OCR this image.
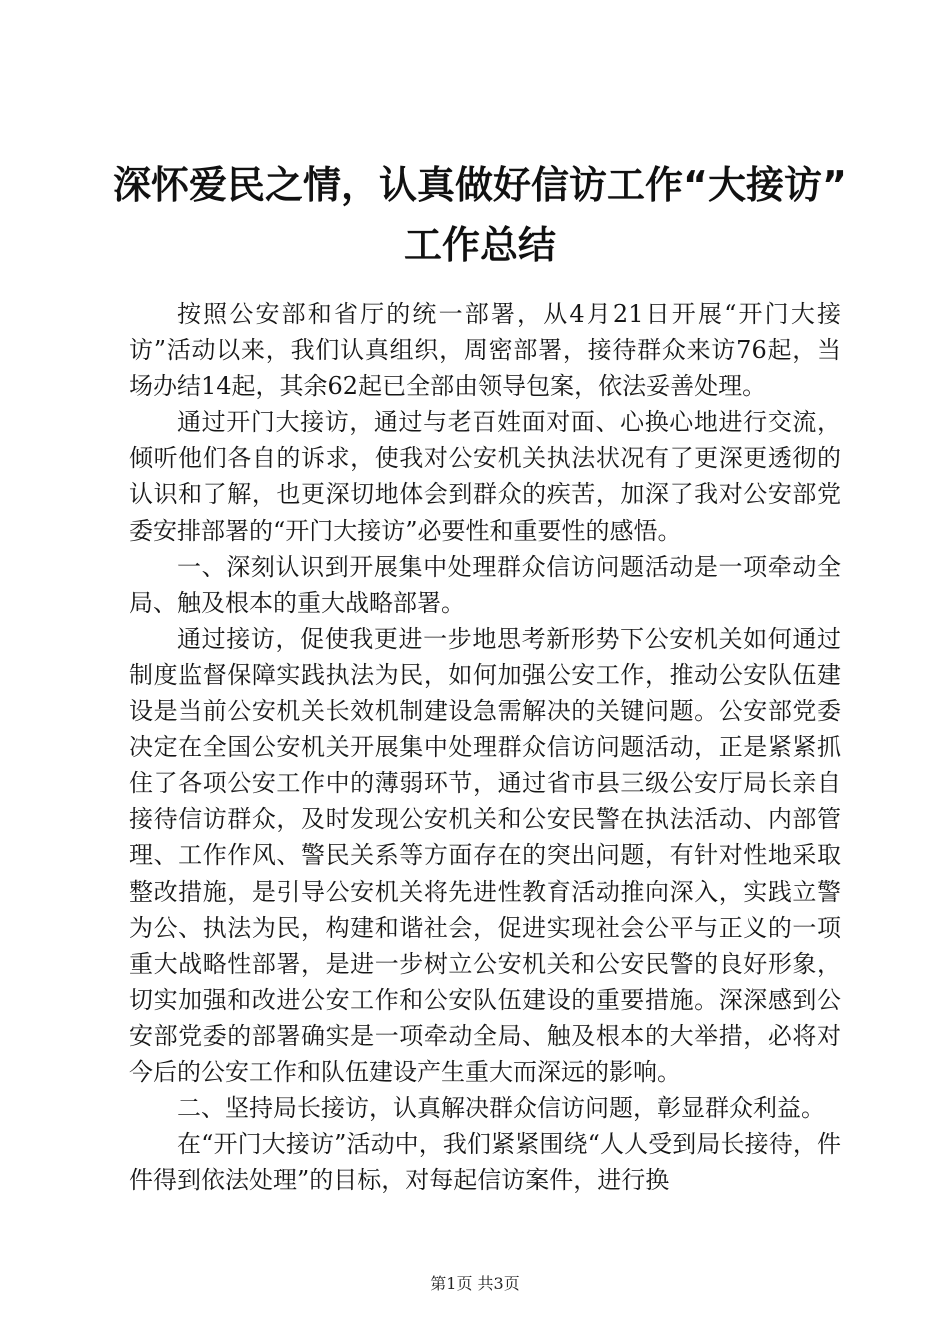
深怀爱民之情，认真做好信访工作“大接访”
工作总结

按照公安部和省厅的统一部署，从4月21日开展“开门大接访”活动以来，我们认真组织，周密部署，接待群众来访76起，当场办结14起，其余62起已全部由领导包案，依法妥善处理。

通过开门大接访，通过与老百姓面对面、心换心地进行交流，倾听他们各自的诉求，使我对公安机关执法状况有了更深更透彻的认识和了解，也更深切地体会到群众的疾苦，加深了我对公安部党委安排部署的“开门大接访”必要性和重要性的感悟。

一、深刻认识到开展集中处理群众信访问题活动是一项牵动全局、触及根本的重大战略部署。

通过接访，促使我更进一步地思考新形势下公安机关如何通过制度监督保障实践执法为民，如何加强公安工作，推动公安队伍建设是当前公安机关长效机制建设急需解决的关键问题。公安部党委决定在全国公安机关开展集中处理群众信访问题活动，正是紧紧抓住了各项公安工作中的薄弱环节，通过省市县三级公安厅局长亲自接待信访群众，及时发现公安机关和公安民警在执法活动、内部管理、工作作风、警民关系等方面存在的突出问题，有针对性地采取整改措施，是引导公安机关将先进性教育活动推向深入，实践立警为公、执法为民，构建和谐社会，促进实现社会公平与正义的一项重大战略性部署，是进一步树立公安机关和公安民警的良好形象，切实加强和改进公安工作和公安队伍建设的重要措施。深深感到公安部党委的部署确实是一项牵动全局、触及根本的大举措，必将对今后的公安工作和队伍建设产生重大而深远的影响。

二、坚持局长接访，认真解决群众信访问题，彰显群众利益。

在“开门大接访”活动中，我们紧紧围绕“人人受到局长接待，件件得到依法处理”的目标，对每起信访案件，进行换

第1页 共3页
